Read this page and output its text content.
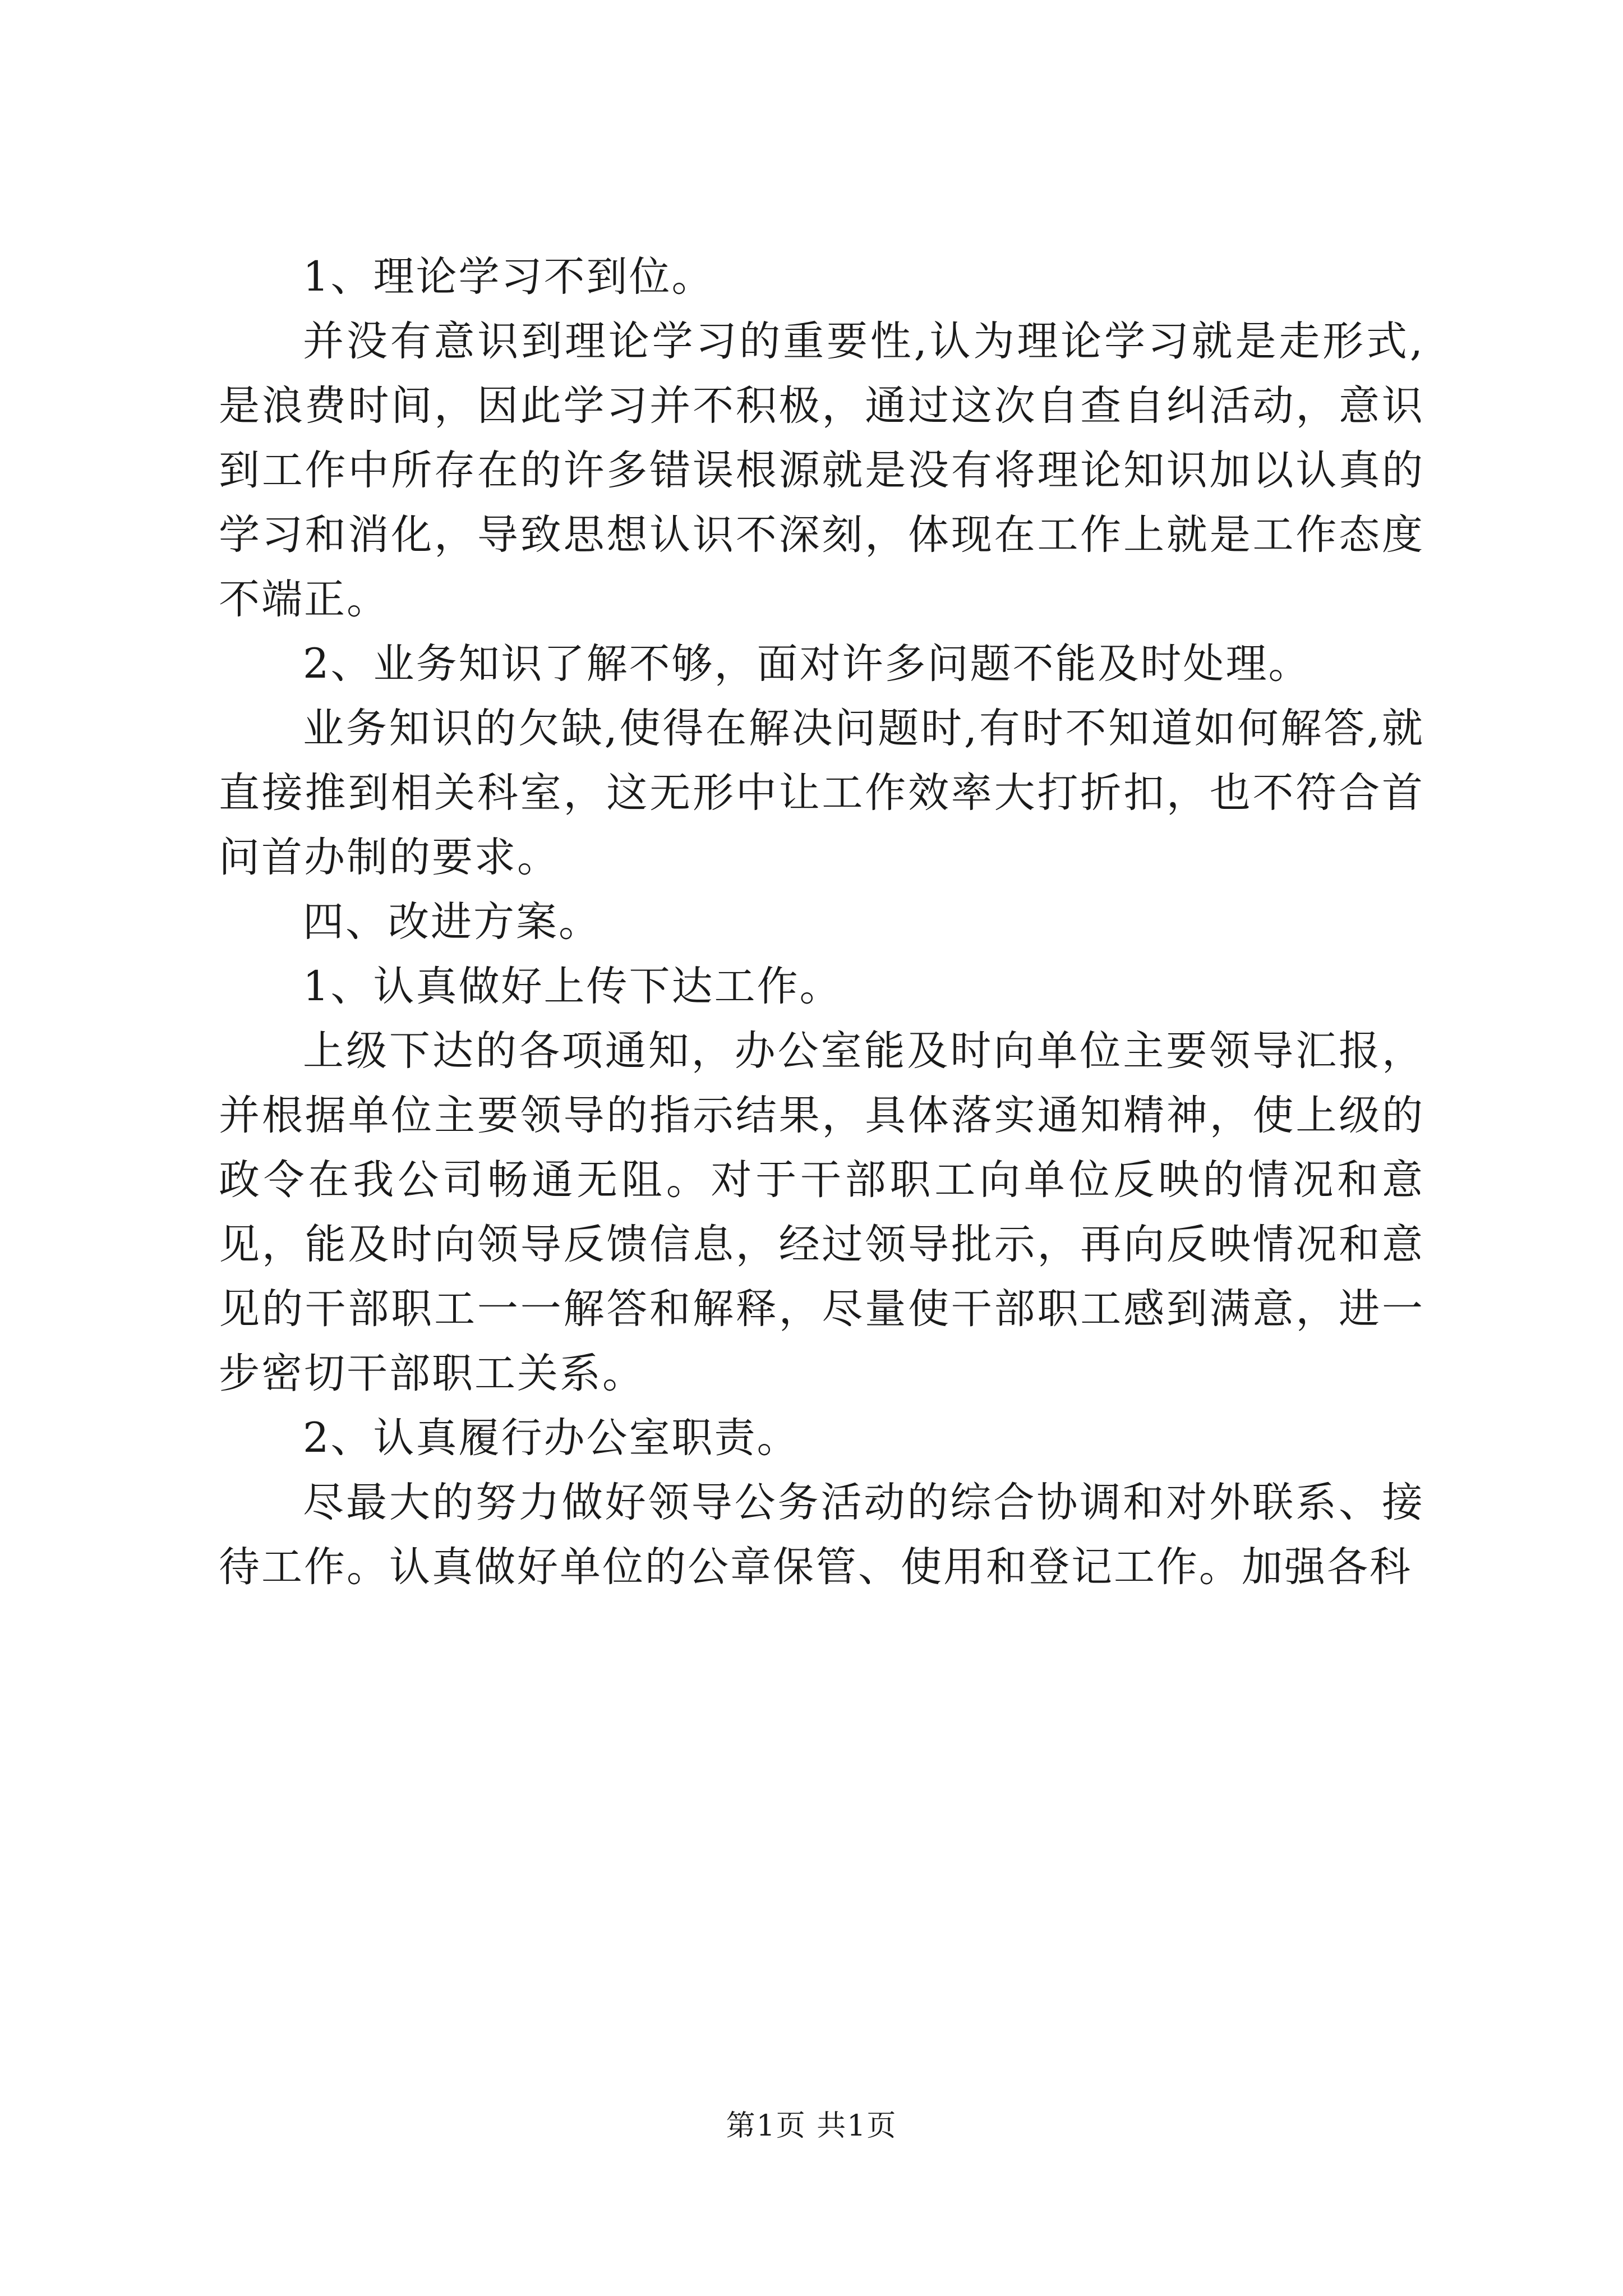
1、理论学习不到位。

并没有意识到理论学习的重要性,认为理论学习就是走形式,是浪费时间，因此学习并不积极，通过这次自查自纠活动，意识到工作中所存在的许多错误根源就是没有将理论知识加以认真的学习和消化，导致思想认识不深刻，体现在工作上就是工作态度不端正。

2、业务知识了解不够，面对许多问题不能及时处理。

业务知识的欠缺,使得在解决问题时,有时不知道如何解答,就直接推到相关科室，这无形中让工作效率大打折扣，也不符合首问首办制的要求。

四、改进方案。

1、认真做好上传下达工作。

上级下达的各项通知，办公室能及时向单位主要领导汇报，并根据单位主要领导的指示结果，具体落实通知精神，使上级的政令在我公司畅通无阻。对于干部职工向单位反映的情况和意见，能及时向领导反馈信息，经过领导批示，再向反映情况和意见的干部职工一一解答和解释，尽量使干部职工感到满意，进一步密切干部职工关系。

2、认真履行办公室职责。

尽最大的努力做好领导公务活动的综合协调和对外联系、接待工作。认真做好单位的公章保管、使用和登记工作。加强各科

第1页 共1页
